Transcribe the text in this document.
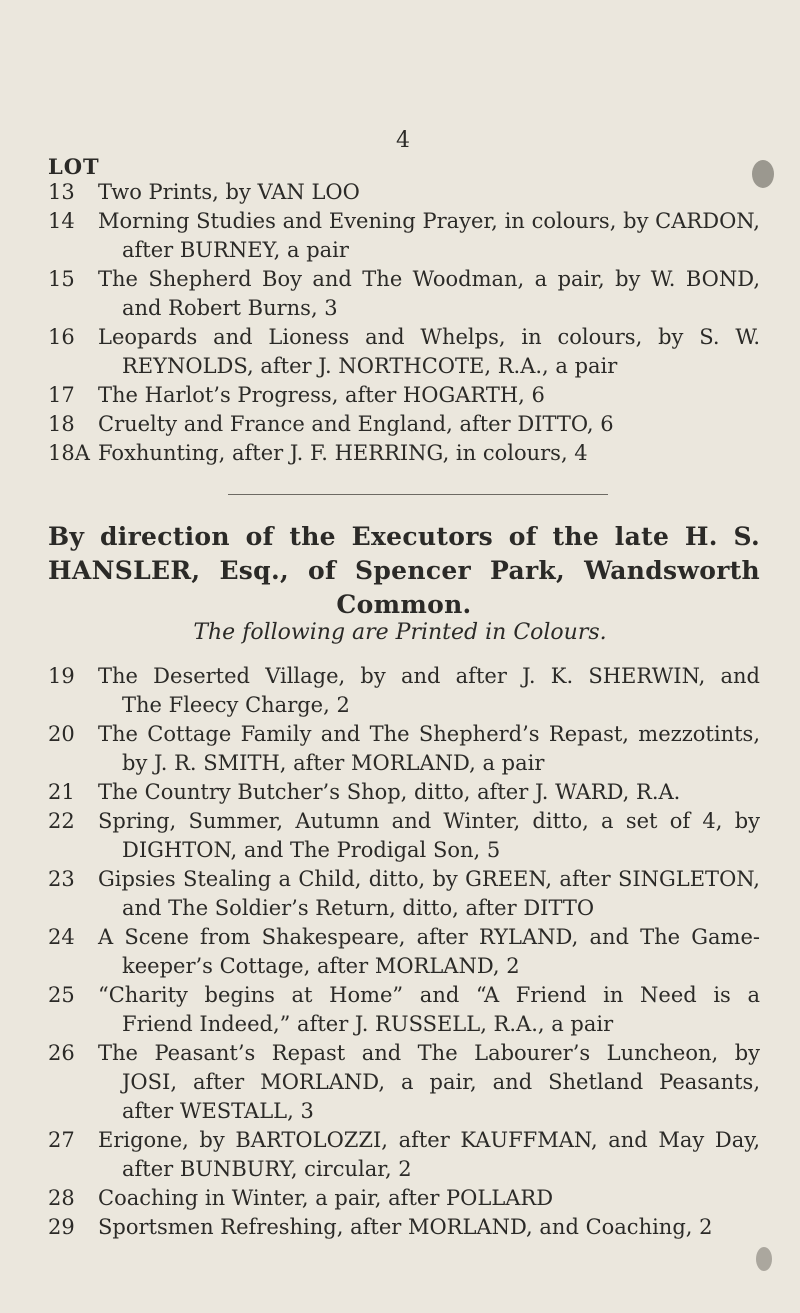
4
LOT
13	Two Prints, by VAN LOO
14	Morning Studies and Evening Prayer, in colours, by CARDON,
after BURNEY, a pair
15	The Shepherd Boy and The Woodman, a pair, by W. BOND,
and Robert Burns, 3
16	Leopards and Lioness and Whelps, in colours, by S. W.
REYNOLDS, after J. NORTHCOTE, R.A., a pair
17	The Harlot’s Progress, after HOGARTH, 6
18	Cruelty and France and England, after DITTO, 6
18A Foxhunting, after J. F. HERRING, in colours, 4
By direction of the Executors of the late H. S.
HANSLER, Esq., of Spencer Park, Wandsworth
Common.
The following are Printed in Colours.
19	The Deserted Village, by and after J. K. SHERWIN, and
The Fleecy Charge, 2
20	The Cottage Family and The Shepherd’s Repast, mezzotints,
by J. R. SMITH, after MORLAND, a pair
21	The Country Butcher’s Shop, ditto, after J. WARD, R.A.
22	Spring, Summer, Autumn and Winter, ditto, a set of 4, by
DIGHTON, and The Prodigal Son, 5
23	Gipsies Stealing a Child, ditto, by GREEN, after SINGLETON,
and The Soldier’s Return, ditto, after DITTO
24	A Scene from Shakespeare, after RYLAND, and The Game-
keeper’s Cottage, after MORLAND, 2
25	“Charity begins at Home” and “A Friend in Need is a
Friend Indeed,” after J. RUSSELL, R.A., a pair
26	The Peasant’s Repast and The Labourer’s Luncheon, by
JOSI, after MORLAND, a pair, and Shetland Peasants,
after WESTALL, 3
27	Erigone, by BARTOLOZZI, after KAUFFMAN, and May Day,
after BUNBURY, circular, 2
28	Coaching in Winter, a pair, after POLLARD
29	Sportsmen Refreshing, after MORLAND, and Coaching, 2
